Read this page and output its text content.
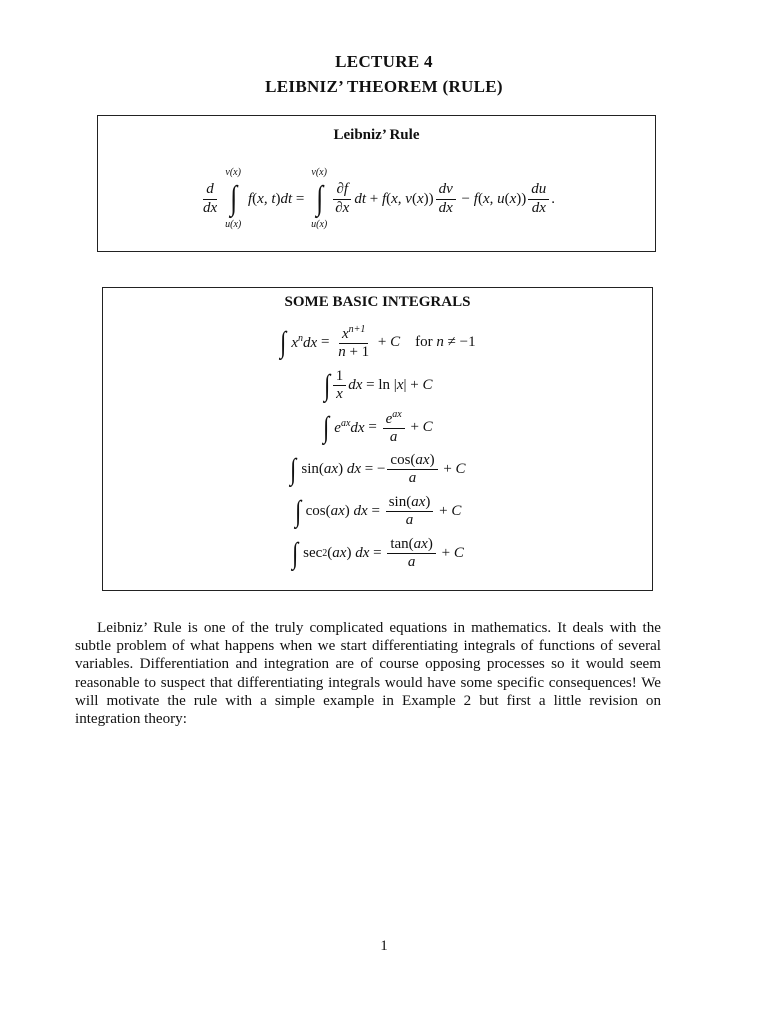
LECTURE 4
LEIBNIZ’ THEOREM (RULE)
Leibniz’ Rule
$\frac{d}{dx}$
v(x)
∫
u(x)
f ( x, t ) dt =
v(x)
∫
u(x)
$\frac{\partial f}{\partial x}$ dt + f ( x, v ( x )) $\frac{dv}{dx} - f$ ( x, u ( x )) $\frac{du}{dx}$ .
SOME BASIC INTEGRALS
∫
$x^ndx = \frac{x^{n+1}}{n + 1} + C$
for
n ≠ −1
∫ $\frac{1}{x}$ dx = ln | x | + C
∫
$e^{ax}dx = \frac{e^{ax}}{a} + C$
∫ sin( ax ) dx = − $\frac{\cos(ax)}{a} + C$
∫ cos( ax ) dx = $\frac{\sin(ax)}{a} + C$
∫ sec 2 ( ax ) dx = $\frac{\tan(ax)}{a} + C$
Leibniz’ Rule is one of the truly complicated equations in mathematics. It deals with the subtle problem of what happens when we start differentiating integrals of functions of several variables. Differentiation and integration are of course opposing processes so it would seem reasonable to suspect that differentiating integrals would have some specific consequences! We will motivate the rule with a simple example in Example 2 but first a little revision on integration theory:
1
